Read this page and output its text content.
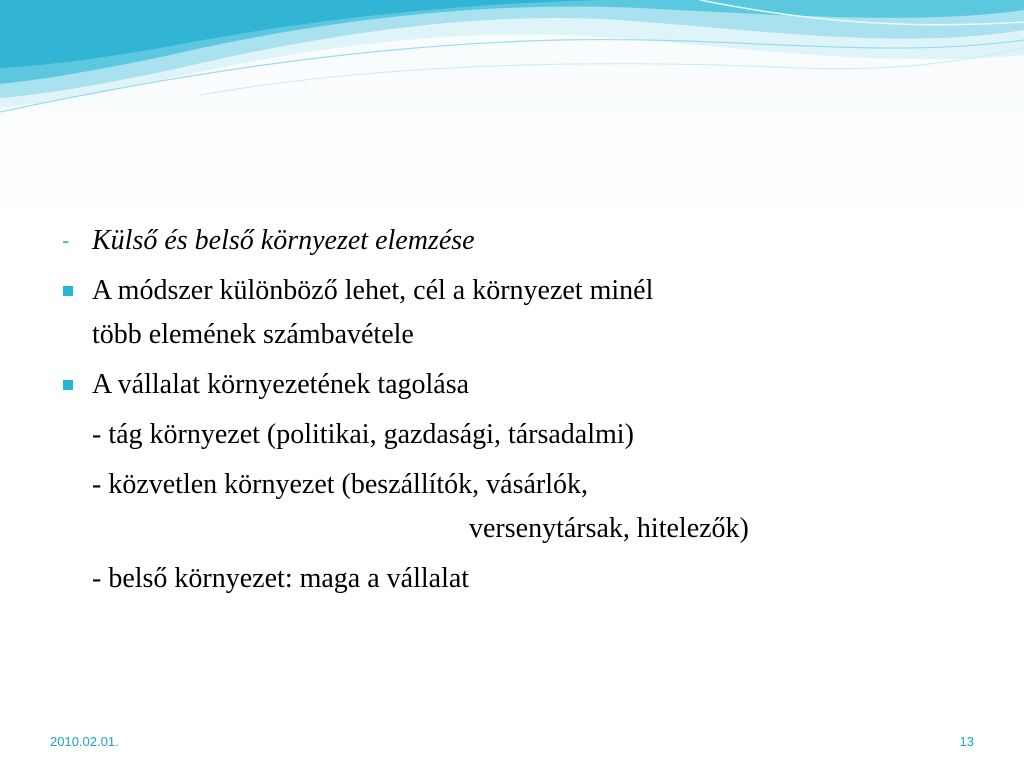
- Külső és belső környezet elemzése
A módszer különböző lehet, cél a környezet minél
több elemének számbavétele
A vállalat környezetének tagolása
- tág környezet (politikai, gazdasági, társadalmi)
- közvetlen környezet (beszállítók, vásárlók,
versenytársak, hitelezők)
- belső környezet: maga a vállalat
2010.02.01.	13
